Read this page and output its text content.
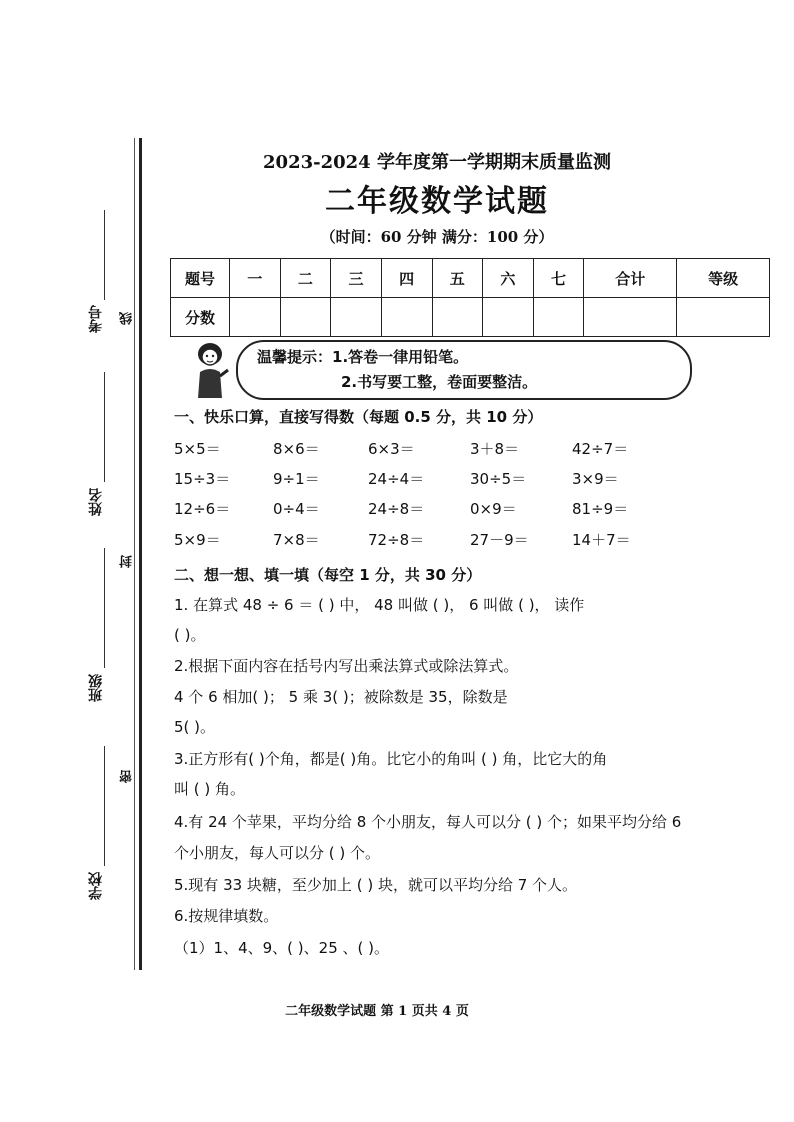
考号 线
姓名
封
班级
密
学校
2023-2024 学年度第一学期期末质量监测
二年级数学试题
（时间：60 分钟 满分：100 分）
题号	一	二	三	四	五	六	七	合计	等级
分数									
温馨提示：1.答卷一律用铅笔。
2.书写要工整，卷面要整洁。
一、快乐口算，直接写得数（每题 0.5 分，共 10 分）
5×5＝	8×6＝	6×3＝	3＋8＝	42÷7＝
15÷3＝	9÷1＝	24÷4＝	30÷5＝	3×9＝
12÷6＝	0÷4＝	24÷8＝	0×9＝	81÷9＝
5×9＝	7×8＝	72÷8＝	27－9＝	14＋7＝
二、想一想、填一填（每空 1 分，共 30 分）
1. 在算式 48 ÷ 6 ＝ ( ) 中， 48 叫做 ( )， 6 叫做 ( )， 读作
( )。
2.根据下面内容在括号内写出乘法算式或除法算式。
4 个 6 相加( )； 5 乘 3( )；被除数是 35，除数是
5( )。
3.正方形有( )个角，都是( )角。比它小的角叫 ( ) 角，比它大的角
叫 ( ) 角。
4.有 24 个苹果，平均分给 8 个小朋友，每人可以分 ( ) 个；如果平均分给 6
个小朋友，每人可以分 ( ) 个。
5.现有 33 块糖，至少加上 ( ) 块，就可以平均分给 7 个人。
6.按规律填数。
（1）1、4、9、( )、25 、( )。
二年级数学试题 第 1 页共 4 页
